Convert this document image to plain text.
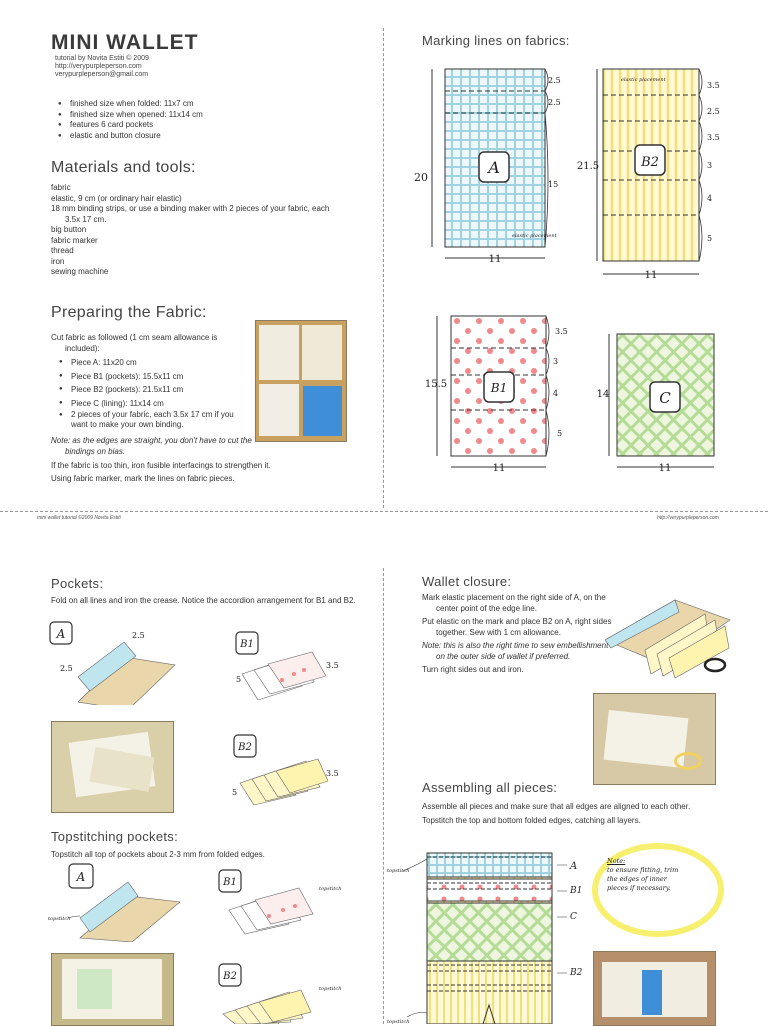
MINI WALLET
tutorial by Novita Estiti © 2009
http://verypurpleperson.com
verypurpleperson@gmail.com
● finished size when folded: 11x7 cm
● finished size when opened: 11x14 cm
● features 6 card pockets
● elastic and button closure
Materials and tools:

fabric

elastic, 9 cm (or ordinary hair elastic)

18 mm binding strips, or use a binding maker with 2 pieces of your fabric, each 3.5x 17 cm.

big button

fabric marker

thread

iron

sewing machine

Preparing the Fabric:

Cut fabric as followed (1 cm seam allowance is included):

● Piece A: 11x20 cm
● Piece B1 (pockets): 15.5x11 cm
● Piece B2 (pockets): 21.5x11 cm
● Piece C (lining): 11x14 cm
● 2 pieces of your fabric, each 3.5x 17 cm if you want to make your own binding.
Note: as the edges are straight, you don't have to cut the bindings on bias.

If the fabric is too thin, iron fusible interfacings to strengthen it.

Using fabric marker, mark the lines on fabric pieces.

Marking lines on fabrics:
A
20
11
2.5
2.5
15
elastic placement
B2
21.5
11
3.5
2.5
3.5
3
4
5
elastic placement
B1
15.5
11
3.5
3
4
5
C
14
11
mini wallet tutorial ©2009 Novita Estiti	http://verypurpleperson.com
Pockets:
Fold on all lines and iron the crease. Notice the accordion arrangement for B1 and B2.
A	2.5
2.5
B1
3.5
5
B2
3.5
5
Topstitching pockets:
Topstitch all top of pockets about 2-3 mm from folded edges.
A
topstitch
B1
topstitch
B2
topstitch
Wallet closure:

Mark elastic placement on the right side of A, on the center point of the edge line.

Put elastic on the mark and place B2 on A, right sides together. Sew with 1 cm allowance.

Note: this is also the right time to sew embellishment on the outer side of wallet if preferred.

Turn right sides out and iron.

Assembling all pieces:

Assemble all pieces and make sure that all edges are aligned to each other.

Topstitch the top and bottom folded edges, catching all layers.

topstitch
topstitch
A
B1
C
B2
Note:
to ensure fitting, trim
the edges of inner
pieces if necessary.
